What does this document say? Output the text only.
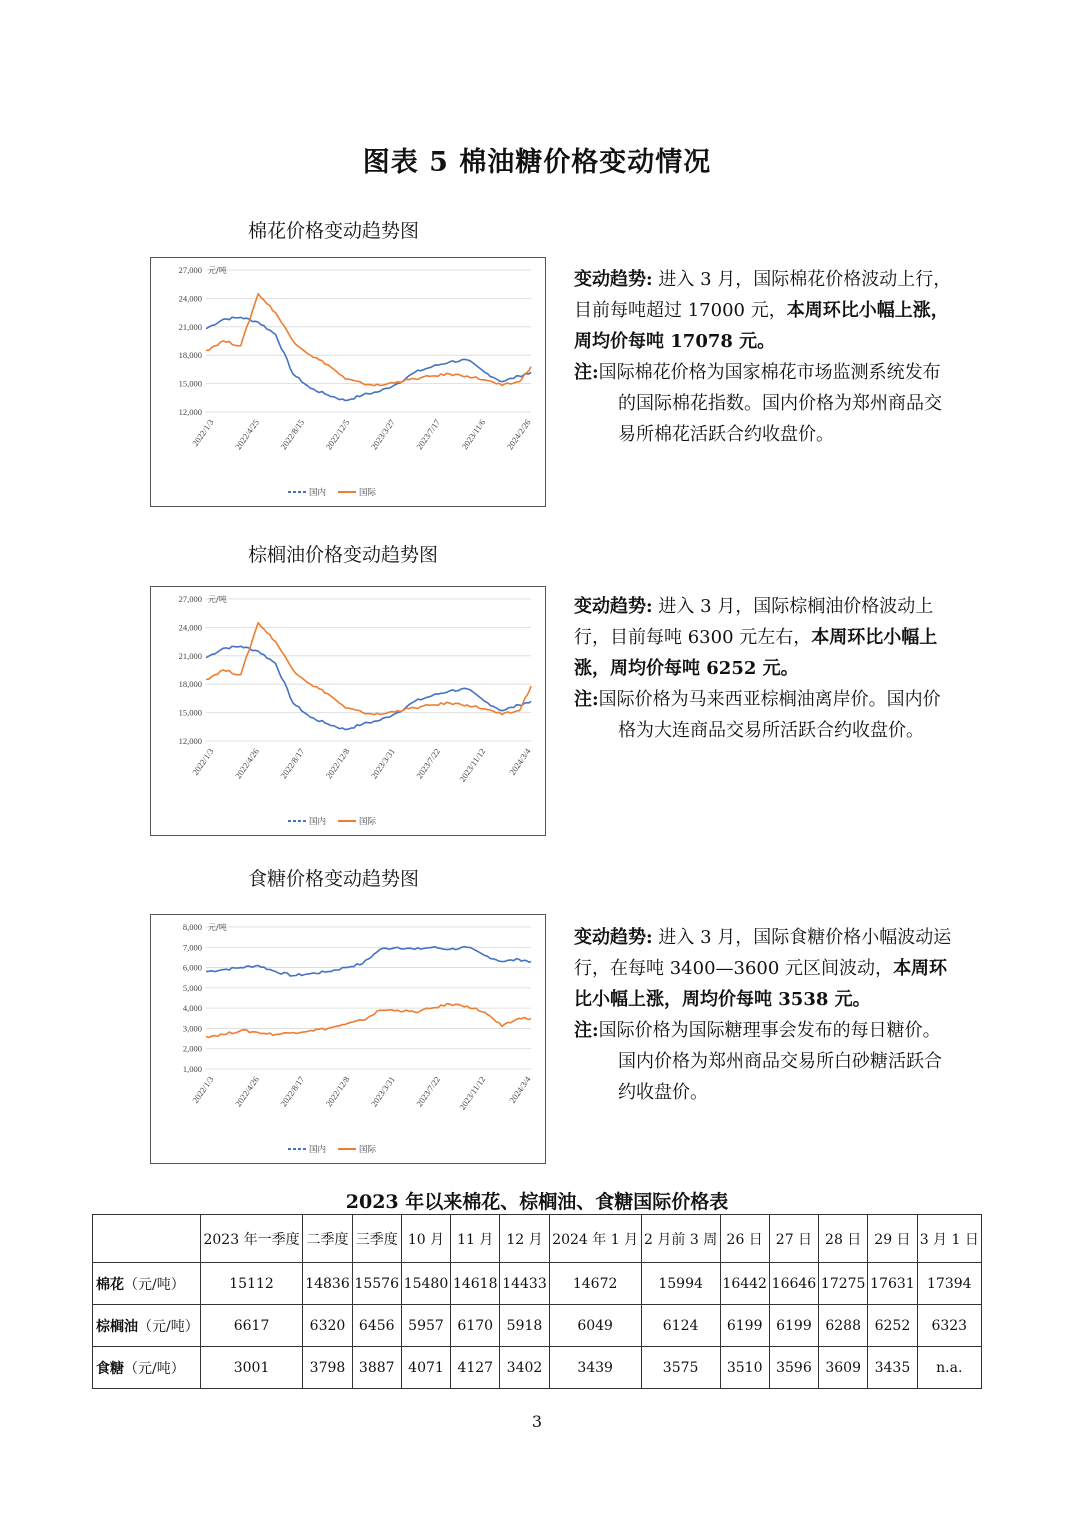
图表 5 棉油糖价格变动情况
棉花价格变动趋势图
27,000
24,000
21,000
18,000
15,000
12,000
元/吨
2022/1/3 2022/4/25 2022/8/15 2022/12/5 2023/3/27 2023/7/17 2023/11/6 2024/2/26
国内	国际

变动趋势: 进入 3 月，国际棉花价格波动上行，目前每吨超过 17000 元，本周环比小幅上涨，周均价每吨 17078 元。

注:国际棉花价格为国家棉花市场监测系统发布的国际棉花指数。国内价格为郑州商品交易所棉花活跃合约收盘价。

棕榈油价格变动趋势图
27,000
24,000
21,000
18,000
15,000
12,000
元/吨
2022/1/3 2022/4/26 2022/8/17 2022/12/8 2023/3/31 2023/7/22 2023/11/12 2024/3/4
国内	国际

变动趋势: 进入 3 月，国际棕榈油价格波动上行，目前每吨 6300 元左右，本周环比小幅上涨，周均价每吨 6252 元。

注:国际价格为马来西亚棕榈油离岸价。国内价格为大连商品交易所活跃合约收盘价。

食糖价格变动趋势图
8,000
7,000
6,000
5,000
4,000
3,000
2,000
1,000
元/吨
2022/1/3 2022/4/26 2022/8/17 2022/12/8 2023/3/31 2023/7/22 2023/11/12 2024/3/4
国内	国际

变动趋势: 进入 3 月，国际食糖价格小幅波动运行，在每吨 3400—3600 元区间波动，本周环比小幅上涨，周均价每吨 3538 元。

注:国际价格为国际糖理事会发布的每日糖价。国内价格为郑州商品交易所白砂糖活跃合约收盘价。

2023 年以来棉花、棕榈油、食糖国际价格表
	2023 年一季度	二季度	三季度	10 月	11 月	12 月	2024 年 1 月	2 月前 3 周	26 日	27 日	28 日	29 日	3 月 1 日
棉花（元/吨）	15112	14836	15576	15480	14618	14433	14672	15994	16442	16646	17275	17631	17394
棕榈油（元/吨）	6617	6320	6456	5957	6170	5918	6049	6124	6199	6199	6288	6252	6323
食糖（元/吨）	3001	3798	3887	4071	4127	3402	3439	3575	3510	3596	3609	3435	n.a.
3
